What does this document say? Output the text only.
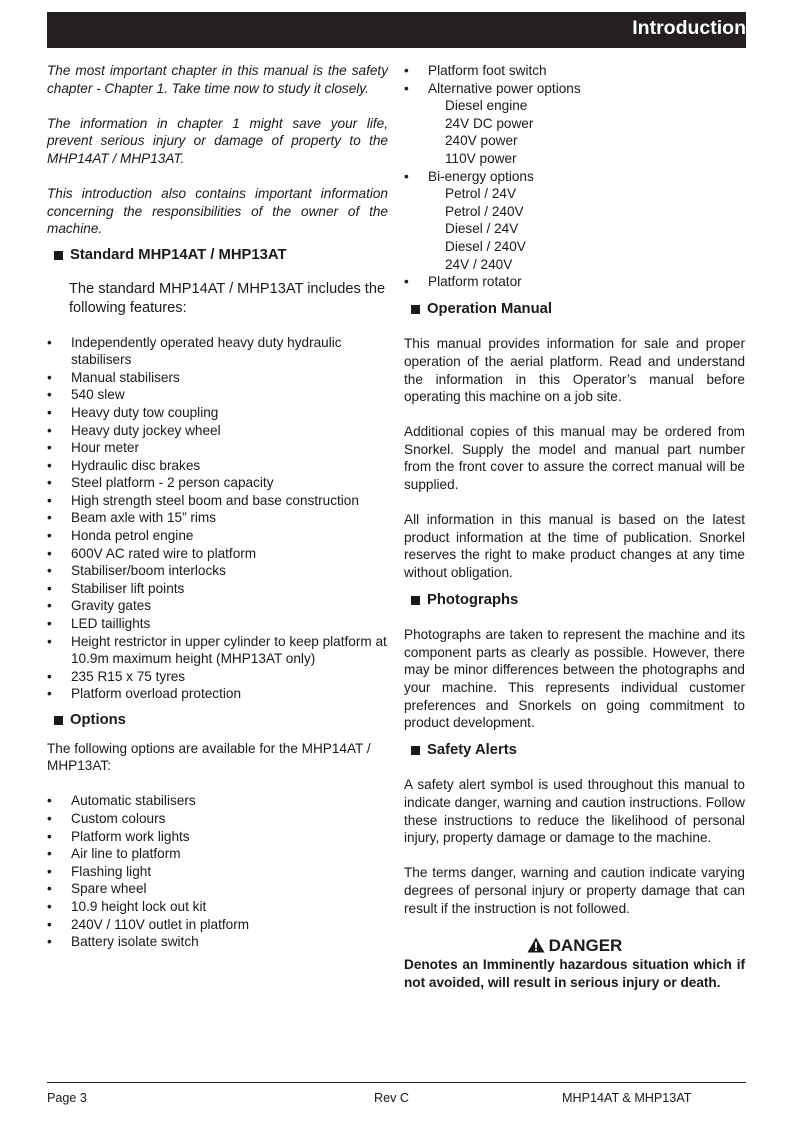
Introduction

The most important chapter in this manual is the safety chapter - Chapter 1. Take time now to study it closely.

The information in chapter 1 might save your life, prevent serious injury or damage of property to the MHP14AT / MHP13AT.

This introduction also contains important information concerning the responsibilities of the owner of the machine.

Standard MHP14AT / MHP13AT

The standard MHP14AT / MHP13AT includes the following features:

• Independently operated heavy duty hydraulic stabilisers
• Manual stabilisers
• 540 slew
• Heavy duty tow coupling
• Heavy duty jockey wheel
• Hour meter
• Hydraulic disc brakes
• Steel platform - 2 person capacity
• High strength steel boom and base construction
• Beam axle with 15” rims
• Honda petrol engine
• 600V AC rated wire to platform
• Stabiliser/boom interlocks
• Stabiliser lift points
• Gravity gates
• LED taillights
• Height restrictor in upper cylinder to keep platform at 10.9m maximum height (MHP13AT only)
• 235 R15 x 75 tyres
• Platform overload protection
Options

The following options are available for the MHP14AT / MHP13AT:

• Automatic stabilisers
• Custom colours
• Platform work lights
• Air line to platform
• Flashing light
• Spare wheel
• 10.9 height lock out kit
• 240V / 110V outlet in platform
• Battery isolate switch
• Platform foot switch
• Alternative power options
Diesel engine
24V DC power
240V power
110V power
• Bi-energy options
Petrol / 24V
Petrol / 240V
Diesel / 24V
Diesel / 240V
24V / 240V
• Platform rotator
Operation Manual

This manual provides information for sale and proper operation of the aerial platform. Read and understand the information in this Operator’s manual before operating this machine on a job site.

Additional copies of this manual may be ordered from Snorkel. Supply the model and manual part number from the front cover to assure the correct manual will be supplied.

All information in this manual is based on the latest product information at the time of publication. Snorkel reserves the right to make product changes at any time without obligation.

Photographs

Photographs are taken to represent the machine and its component parts as clearly as possible. However, there may be minor differences between the photographs and your machine. This represents individual customer preferences and Snorkels on going commitment to product development.

Safety Alerts

A safety alert symbol is used throughout this manual to indicate danger, warning and caution instructions. Follow these instructions to reduce the likelihood of personal injury, property damage or damage to the machine.

The terms danger, warning and caution indicate varying degrees of personal injury or property damage that can result if the instruction is not followed.

DANGER

Denotes an Imminently hazardous situation which if not avoided, will result in serious injury or death.

Page 3	Rev C	MHP14AT & MHP13AT
